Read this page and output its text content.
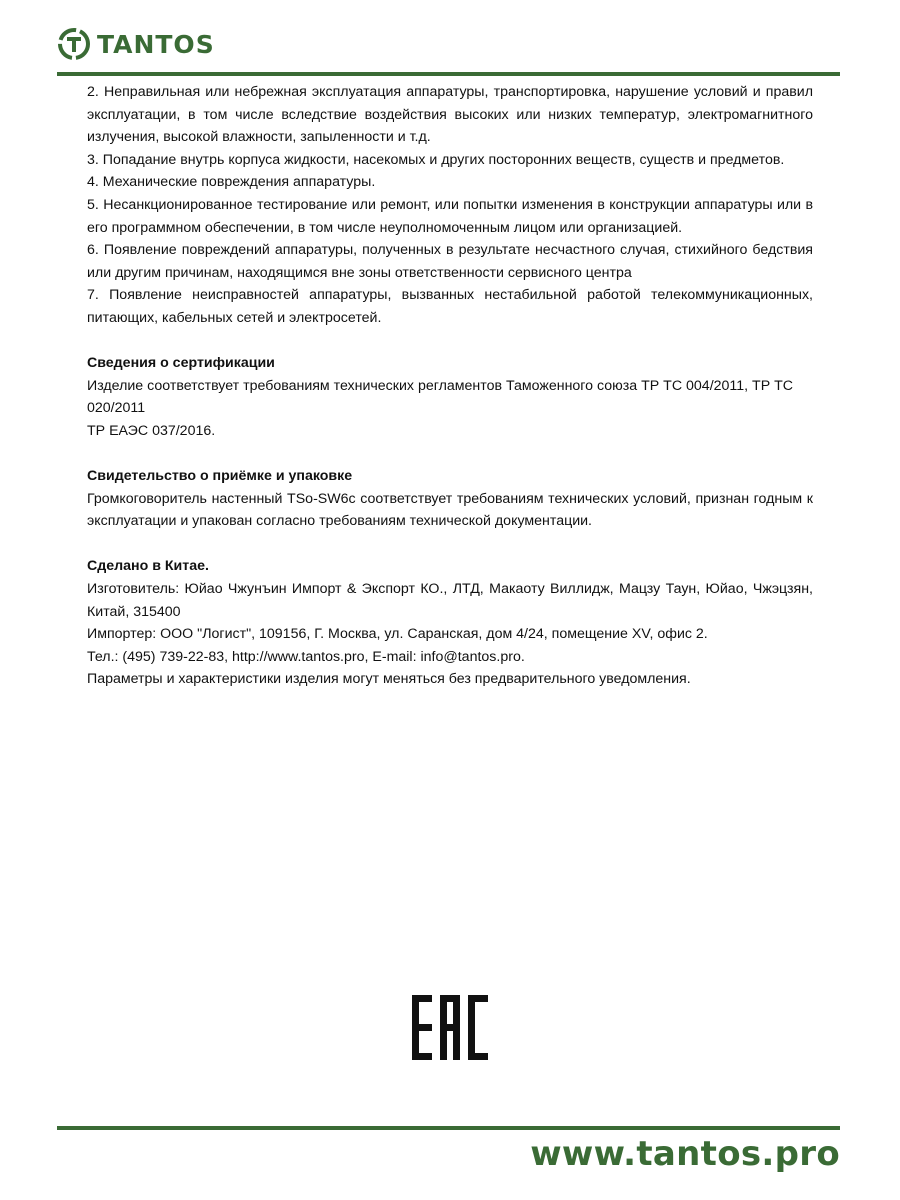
TANTOS

2. Неправильная или небрежная эксплуатация аппаратуры, транспортировка, нарушение условий и правил эксплуатации, в том числе вследствие воздействия высоких или низких температур, электромагнитного излучения, высокой влажности, запыленности и т.д.

3. Попадание внутрь корпуса жидкости, насекомых и других посторонних веществ, существ и предметов.

4. Механические повреждения аппаратуры.

5. Несанкционированное тестирование или ремонт, или попытки изменения в конструкции аппаратуры или в его программном обеспечении, в том числе неуполномоченным лицом или организацией.

6. Появление повреждений аппаратуры, полученных в результате несчастного случая, стихийного бедствия или другим причинам, находящимся вне зоны ответственности сервисного центра

7. Появление неисправностей аппаратуры, вызванных нестабильной работой телекоммуникационных, питающих, кабельных сетей и электросетей.

Сведения о сертификации

Изделие соответствует требованиям технических регламентов Таможенного союза ТР ТС 004/2011, ТР ТС 020/2011

ТР ЕАЭС 037/2016.

Свидетельство о приёмке и упаковке

Громкоговоритель настенный TSo-SW6c соответствует требованиям технических условий, признан годным к эксплуатации и упакован согласно требованиям технической документации.

Сделано в Китае.

Изготовитель: Юйао Чжунъин Импорт & Экспорт КО., ЛТД, Макаоту Виллидж, Мацзу Таун, Юйао, Чжэцзян, Китай, 315400

Импортер: ООО "Логист", 109156, Г. Москва, ул. Саранская, дом 4/24, помещение XV, офис 2.

Тел.: (495) 739-22-83, http://www.tantos.pro, E-mail: info@tantos.pro.

Параметры и характеристики изделия могут меняться без предварительного уведомления.

www.tantos.pro
